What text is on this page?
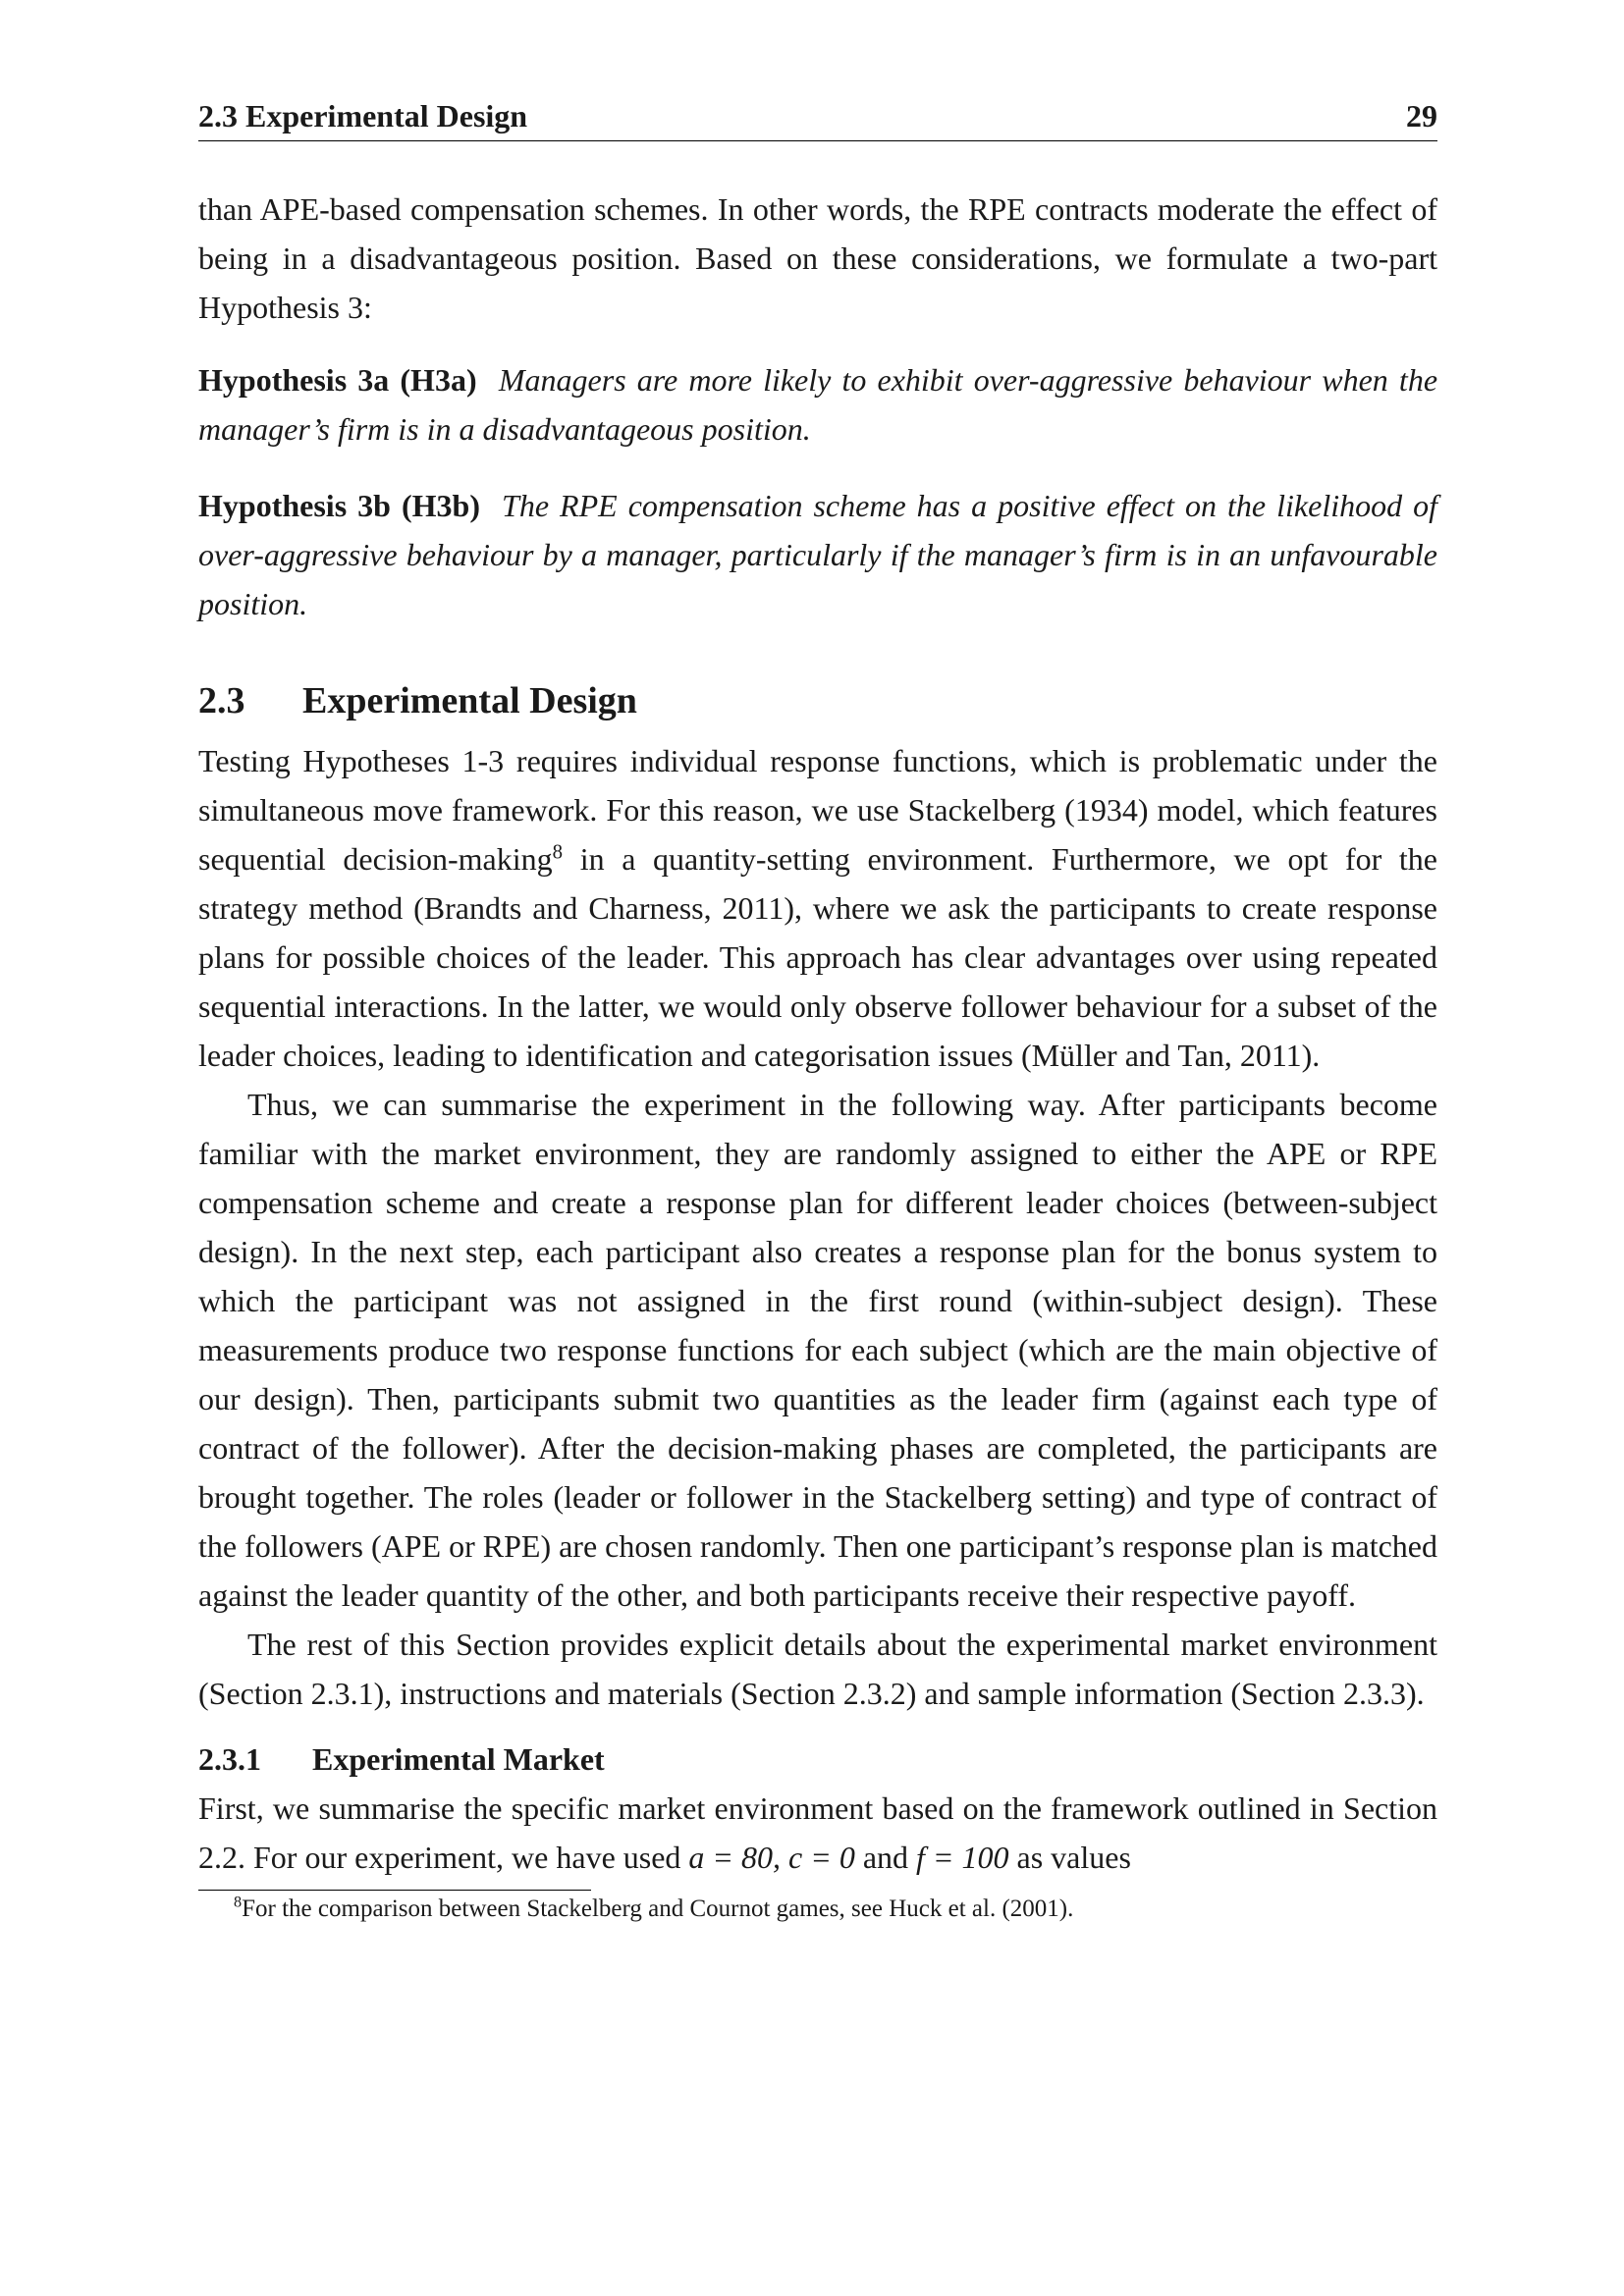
2.3 Experimental Design	29

than APE-based compensation schemes. In other words, the RPE contracts moderate the effect of being in a disadvantageous position. Based on these considerations, we formulate a two-part Hypothesis 3:

Hypothesis 3a (H3a) Managers are more likely to exhibit over-aggressive behaviour when the manager’s firm is in a disadvantageous position.

Hypothesis 3b (H3b) The RPE compensation scheme has a positive effect on the likelihood of over-aggressive behaviour by a manager, particularly if the manager’s firm is in an unfavourable position.

2.3	Experimental Design

Testing Hypotheses 1-3 requires individual response functions, which is problematic under the simultaneous move framework. For this reason, we use Stackelberg (1934) model, which features sequential decision-making$^8$ in a quantity-setting environment. Furthermore, we opt for the strategy method (Brandts and Charness, 2011), where we ask the participants to create response plans for possible choices of the leader. This approach has clear advantages over using repeated sequential interactions. In the latter, we would only observe follower behaviour for a subset of the leader choices, leading to identification and categorisation issues (Müller and Tan, 2011).

Thus, we can summarise the experiment in the following way. After participants become familiar with the market environment, they are randomly assigned to either the APE or RPE compensation scheme and create a response plan for different leader choices (between-subject design). In the next step, each participant also creates a response plan for the bonus system to which the participant was not assigned in the first round (within-subject design). These measurements produce two response functions for each subject (which are the main objective of our design). Then, participants submit two quantities as the leader firm (against each type of contract of the follower). After the decision-making phases are completed, the participants are brought together. The roles (leader or follower in the Stackelberg setting) and type of contract of the followers (APE or RPE) are chosen randomly. Then one participant’s response plan is matched against the leader quantity of the other, and both participants receive their respective payoff.

The rest of this Section provides explicit details about the experimental market environment (Section 2.3.1), instructions and materials (Section 2.3.2) and sample information (Section 2.3.3).

2.3.1	Experimental Market

First, we summarise the specific market environment based on the framework outlined in Section 2.2. For our experiment, we have used a = 80, c = 0 and f = 100 as values

$^8$For the comparison between Stackelberg and Cournot games, see Huck et al. (2001).
